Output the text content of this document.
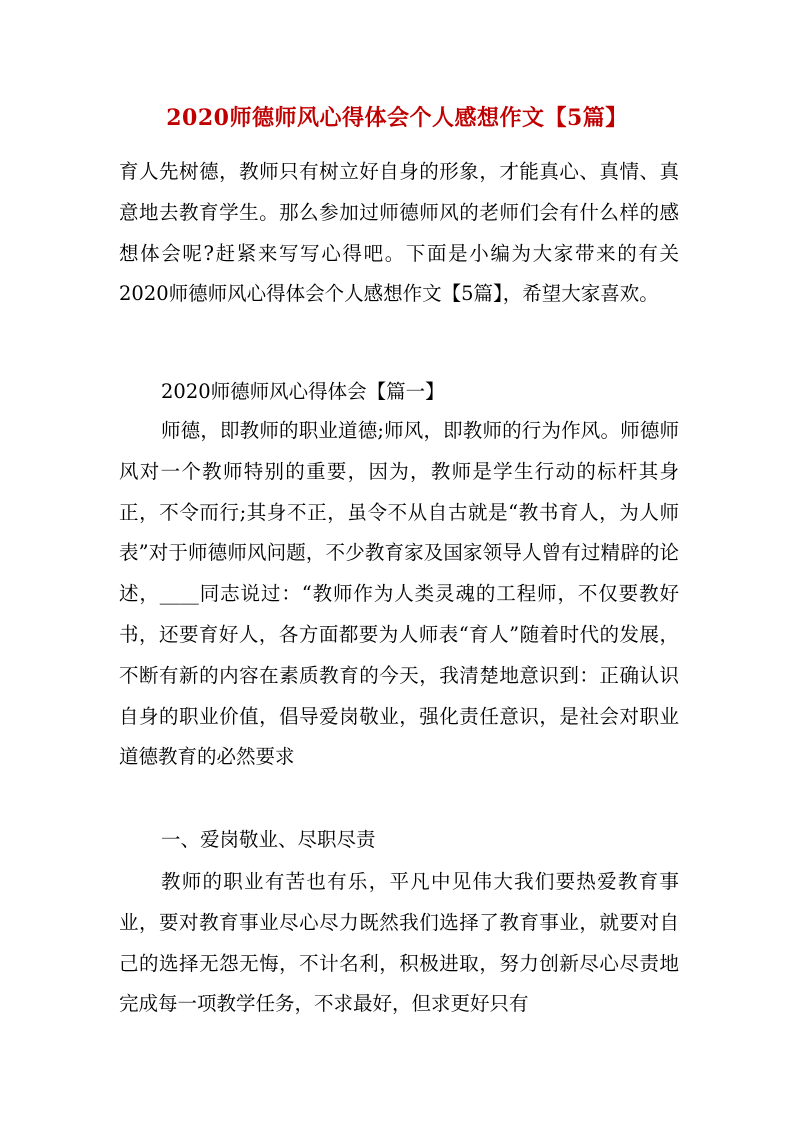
2020师德师风心得体会个人感想作文【5篇】

育人先树德，教师只有树立好自身的形象，才能真心、真情、真意地去教育学生。那么参加过师德师风的老师们会有什么样的感想体会呢?赶紧来写写心得吧。下面是小编为大家带来的有关2020师德师风心得体会个人感想作文【5篇】，希望大家喜欢。

2020师德师风心得体会【篇一】

师德，即教师的职业道德;师风，即教师的行为作风。师德师风对一个教师特别的重要，因为，教师是学生行动的标杆其身正，不令而行;其身不正，虽令不从自古就是“教书育人，为人师表”对于师德师风问题，不少教育家及国家领导人曾有过精辟的论述，____同志说过：“教师作为人类灵魂的工程师，不仅要教好书，还要育好人，各方面都要为人师表“育人”随着时代的发展，不断有新的内容在素质教育的今天，我清楚地意识到：正确认识自身的职业价值，倡导爱岗敬业，强化责任意识，是社会对职业道德教育的必然要求

一、爱岗敬业、尽职尽责

教师的职业有苦也有乐，平凡中见伟大我们要热爱教育事业，要对教育事业尽心尽力既然我们选择了教育事业，就要对自己的选择无怨无悔，不计名利，积极进取，努力创新尽心尽责地完成每一项教学任务，不求最好，但求更好只有
